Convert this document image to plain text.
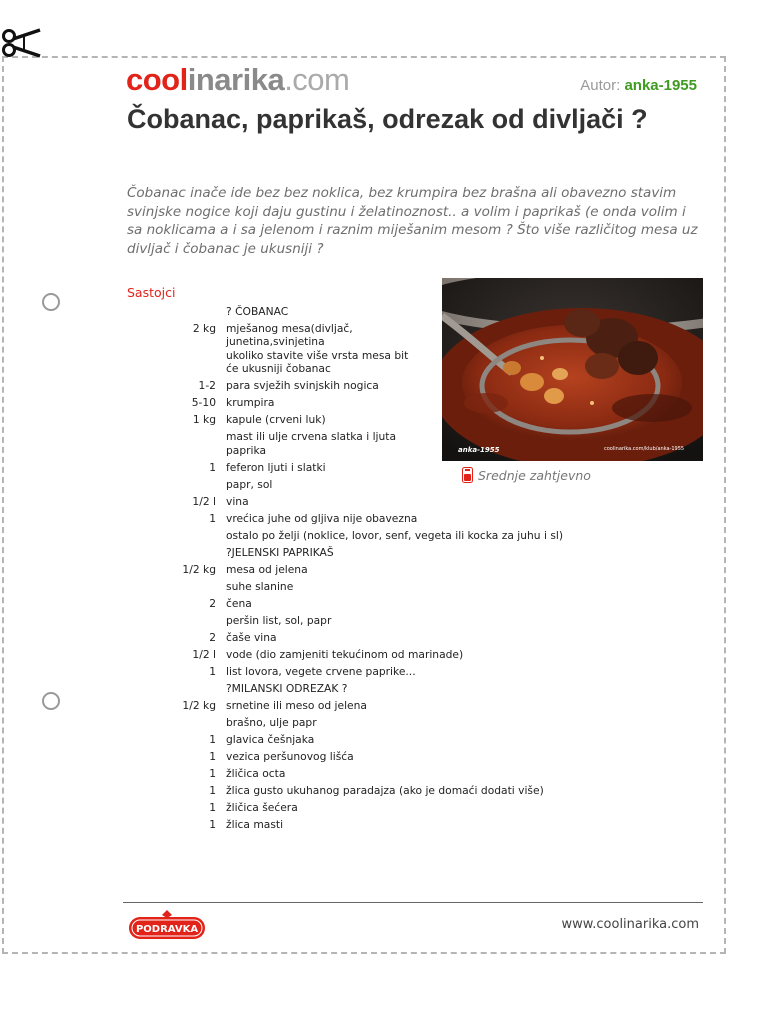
coolinarika.com	Autor: anka-1955
Čobanac, paprikaš, odrezak od divljači ?

Čobanac inače ide bez bez noklica, bez krumpira bez brašna ali obavezno stavim svinjske nogice koji daju gustinu i želatinoznost.. a volim i paprikaš (e onda volim i sa noklicama a i sa jelenom i raznim miješanim mesom ? Što više različitog mesa uz divljač i čobanac je ukusniji ?

Sastojci
? ČOBANAC
2 kg mješanog mesa(divljač,
junetina,svinjetina
ukoliko stavite više vrsta mesa bit
će ukusniji čobanac
1-2 para svježih svinjskih nogica
5-10 krumpira
1 kg kapule (crveni luk)
mast ili ulje crvena slatka i ljuta
paprika
1 feferon ljuti i slatki
papr, sol
1/2 l vina
1 vrećica juhe od gljiva nije obavezna
ostalo po želji (noklice, lovor, senf, vegeta ili kocka za juhu i sl)
?JELENSKI PAPRIKAŠ
1/2 kg mesa od jelena
suhe slanine
2 čena
peršin list, sol, papr
2 čaše vina
1/2 l vode (dio zamjeniti tekućinom od marinade)
1 list lovora, vegete crvene paprike...
?MILANSKI ODREZAK ?
1/2 kg srnetine ili meso od jelena
brašno, ulje papr
1 glavica češnjaka
1 vezica peršunovog lišća
1 žličica octa
1 žlica gusto ukuhanog paradajza (ako je domaći dodati više)
1 žličica šećera
1 žlica masti
anka-1955	coolinarika.com/klub/anka-1955
Srednje zahtjevno
PODRAVKA	www.coolinarika.com
